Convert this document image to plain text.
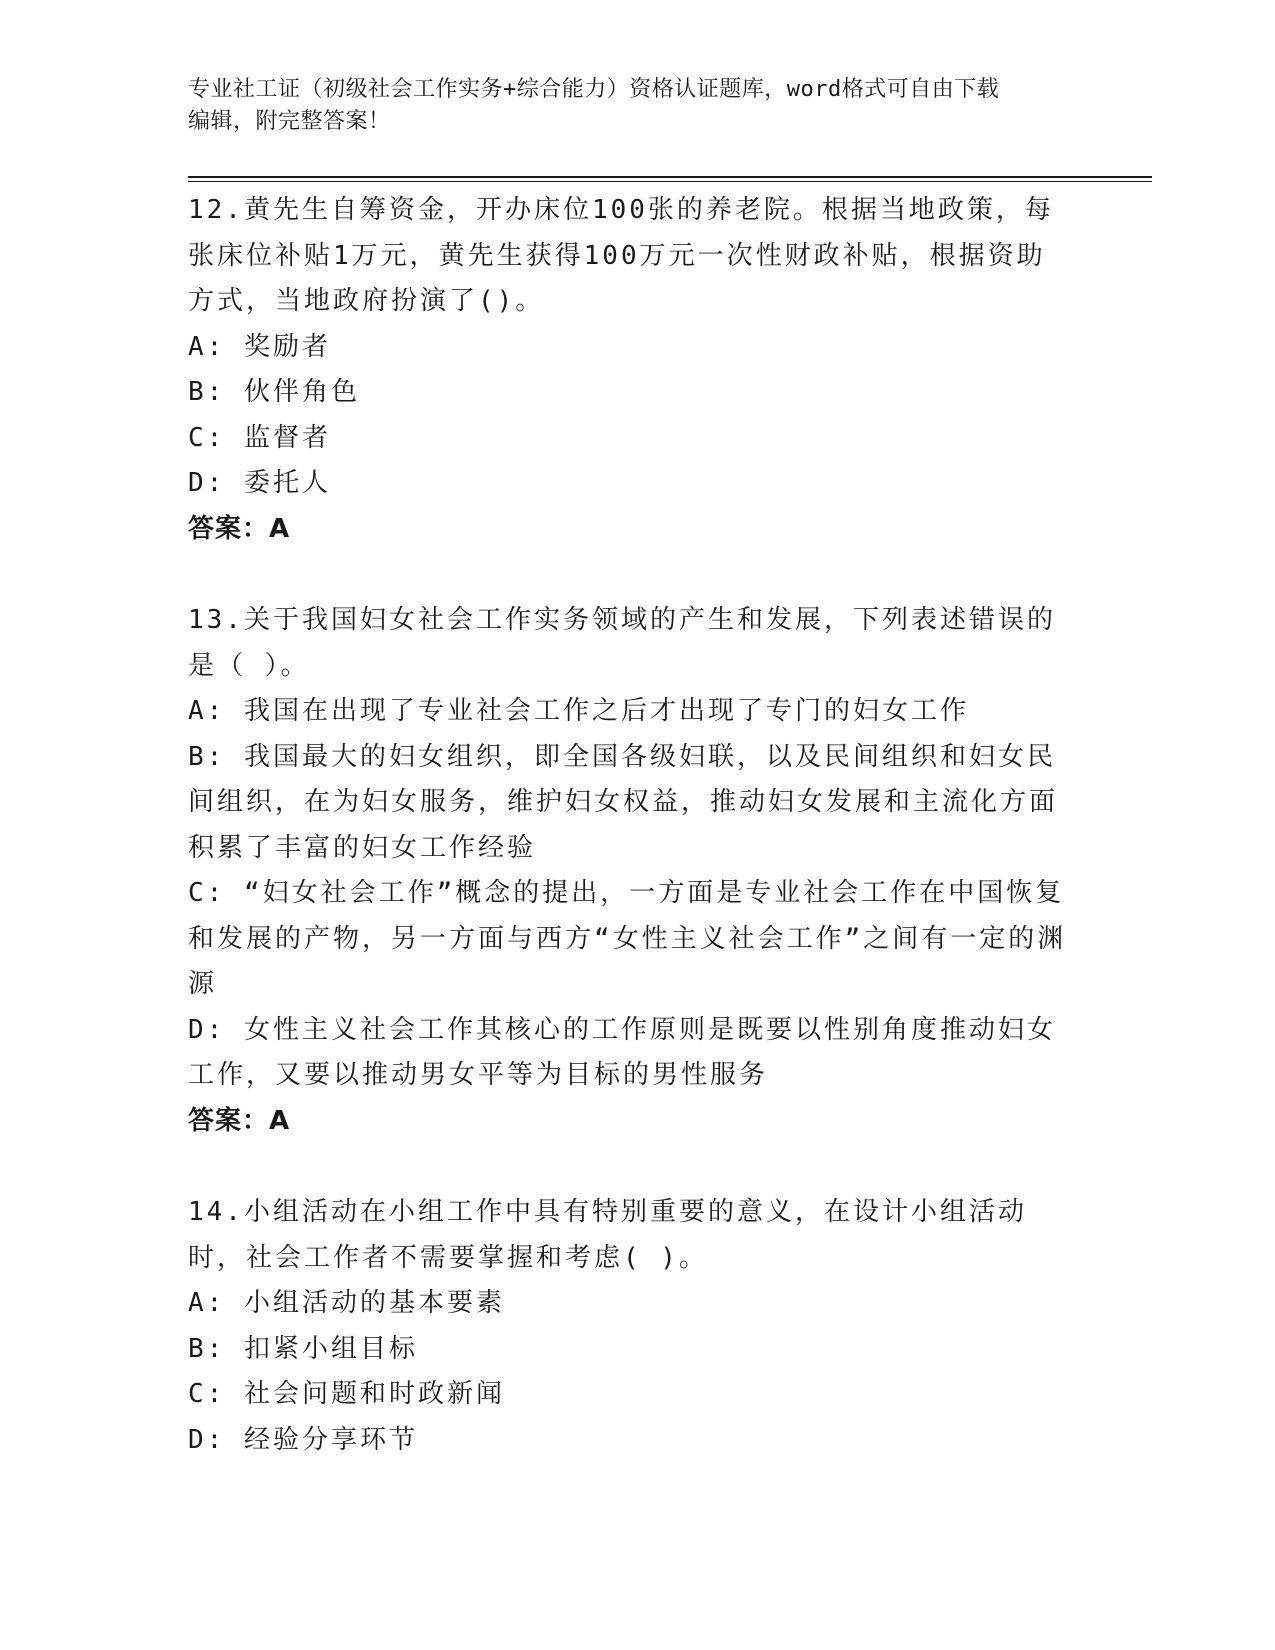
专业社工证（初级社会工作实务+综合能力）资格认证题库，word格式可自由下载
编辑，附完整答案！

12.黄先生自筹资金，开办床位100张的养老院。根据当地政策，每张床位补贴1万元，黄先生获得100万元一次性财政补贴，根据资助方式，当地政府扮演了()。

A: 奖励者

B: 伙伴角色

C: 监督者

D: 委托人

答案：A

13.关于我国妇女社会工作实务领域的产生和发展，下列表述错误的是（ ）。

A: 我国在出现了专业社会工作之后才出现了专门的妇女工作

B: 我国最大的妇女组织，即全国各级妇联，以及民间组织和妇女民间组织，在为妇女服务，维护妇女权益，推动妇女发展和主流化方面积累了丰富的妇女工作经验

C: “妇女社会工作”概念的提出，一方面是专业社会工作在中国恢复和发展的产物，另一方面与西方“女性主义社会工作”之间有一定的渊源

D: 女性主义社会工作其核心的工作原则是既要以性别角度推动妇女工作，又要以推动男女平等为目标的男性服务

答案：A

14.小组活动在小组工作中具有特别重要的意义，在设计小组活动时，社会工作者不需要掌握和考虑( )。

A: 小组活动的基本要素

B: 扣紧小组目标

C: 社会问题和时政新闻

D: 经验分享环节
